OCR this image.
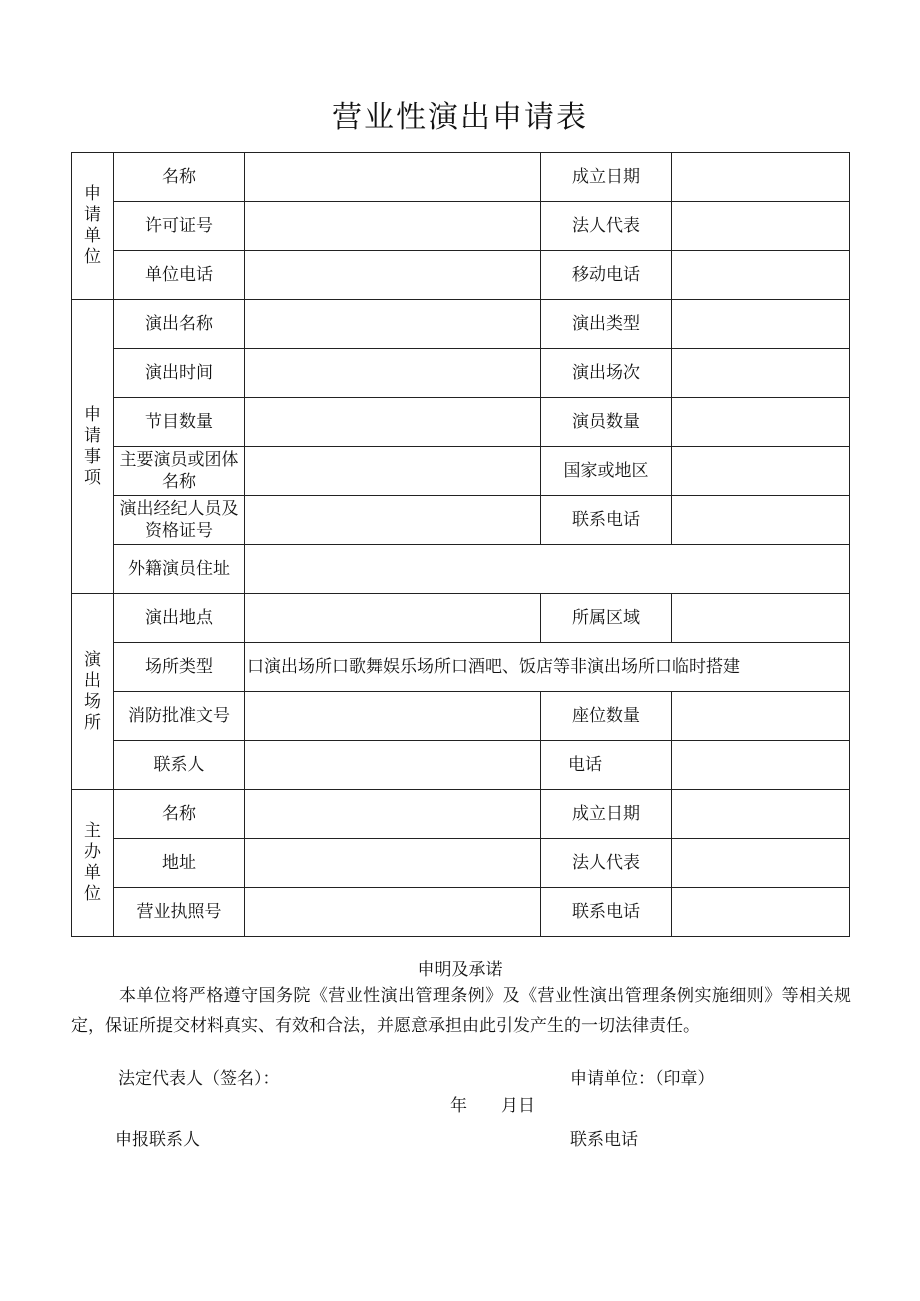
营业性演出申请表
申请单位	名称		成立日期	
	许可证号		法人代表	
	单位电话		移动电话	
申请事项	演出名称		演出类型	
	演出时间		演出场次	
	节目数量		演员数量	
	主要演员或团体名称		国家或地区	
	演出经纪人员及资格证号		联系电话	
	外籍演员住址			
演出场所	演出地点		所属区域	
	场所类型	口演出场所口歌舞娱乐场所口酒吧、饭店等非演出场所口临时搭建		
	消防批准文号		座位数量	
	联系人		电话	
主办单位	名称		成立日期	
	地址		法人代表	
	营业执照号		联系电话	
申明及承诺
本单位将严格遵守国务院《营业性演出管理条例》及《营业性演出管理条例实施细则》等相关规定，保证所提交材料真实、有效和合法，并愿意承担由此引发产生的一切法律责任。
法定代表人（签名）：	申请单位：（印章）
年　　月日
申报联系人	联系电话
